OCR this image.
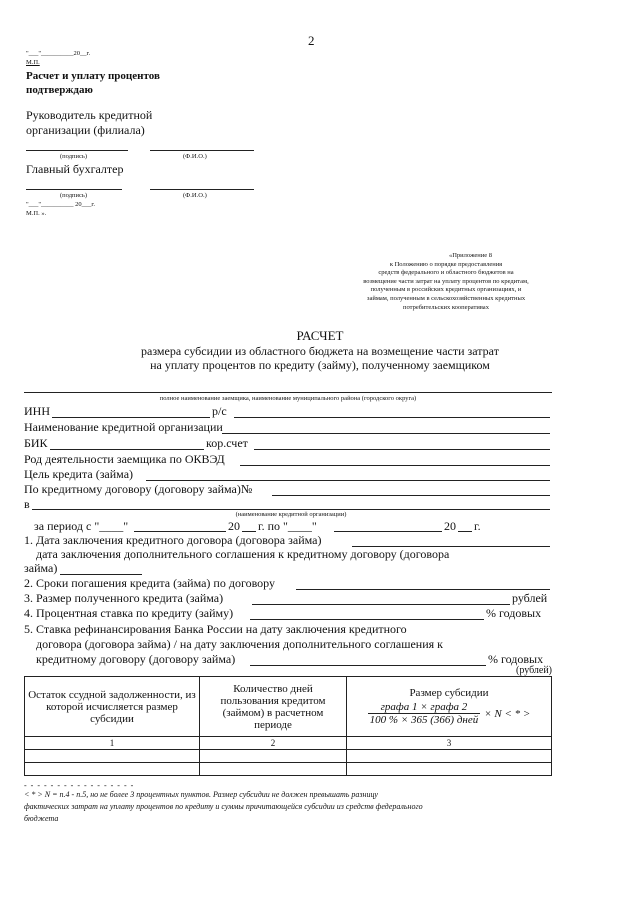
2
"___"__________20__г.
М.П.
Расчет и уплату процентов
подтверждаю
Руководитель кредитной
организации (филиала)
(подпись)	(Ф.И.О.)
Главный бухгалтер
(подпись)	(Ф.И.О.)
"___"__________ 20___г.
М.П. ».
«Приложение 8
к Положению о порядке предоставления
средств федерального и областного бюджетов на
возмещение части затрат на уплату процентов по кредитам,
полученным в российских кредитных организациях, и
займам, полученным в сельскохозяйственных кредитных
потребительских кооперативах
РАСЧЕТ
размера субсидии из областного бюджета на возмещение части затрат
на уплату процентов по кредиту (займу), полученному заемщиком
полное наименование заемщика, наименование муниципального района (городского округа)
ИНН	р/с
Наименование кредитной организации
БИК	кор.счет
Род деятельности заемщика по ОКВЭД
Цель кредита (займа)
По кредитному договору (договору займа)№
в
(наименование кредитной организации)
за период с "____"	20 г. по "____"	20 г.
1. Дата заключения кредитного договора (договора займа)
дата заключения дополнительного соглашения к кредитному договору (договора
займа)
2. Сроки погашения кредита (займа) по договору
3. Размер полученного кредита (займа)	рублей
4. Процентная ставка по кредиту (займу)	% годовых
5. Ставка рефинансирования Банка России на дату заключения кредитного
договора (договора займа) / на дату заключения дополнительного соглашения к
кредитному договору (договору займа)	% годовых
(рублей)
Остаток ссудной задолженности, из которой исчисляется размер субсидии	Количество дней пользования кредитом (займом) в расчетном периоде	Размер субсидии
графа 1 × графа 2
100 % × 365 (366) дней
× N < * >

1	2	3

- - - - - - - - - - - - - - - - -
< * > N = п.4 - п.5, но не более 3 процентных пунктов. Размер субсидии не должен превышать разницу
фактических затрат на уплату процентов по кредиту и суммы причитающейся субсидии из средств федерального
бюджета
